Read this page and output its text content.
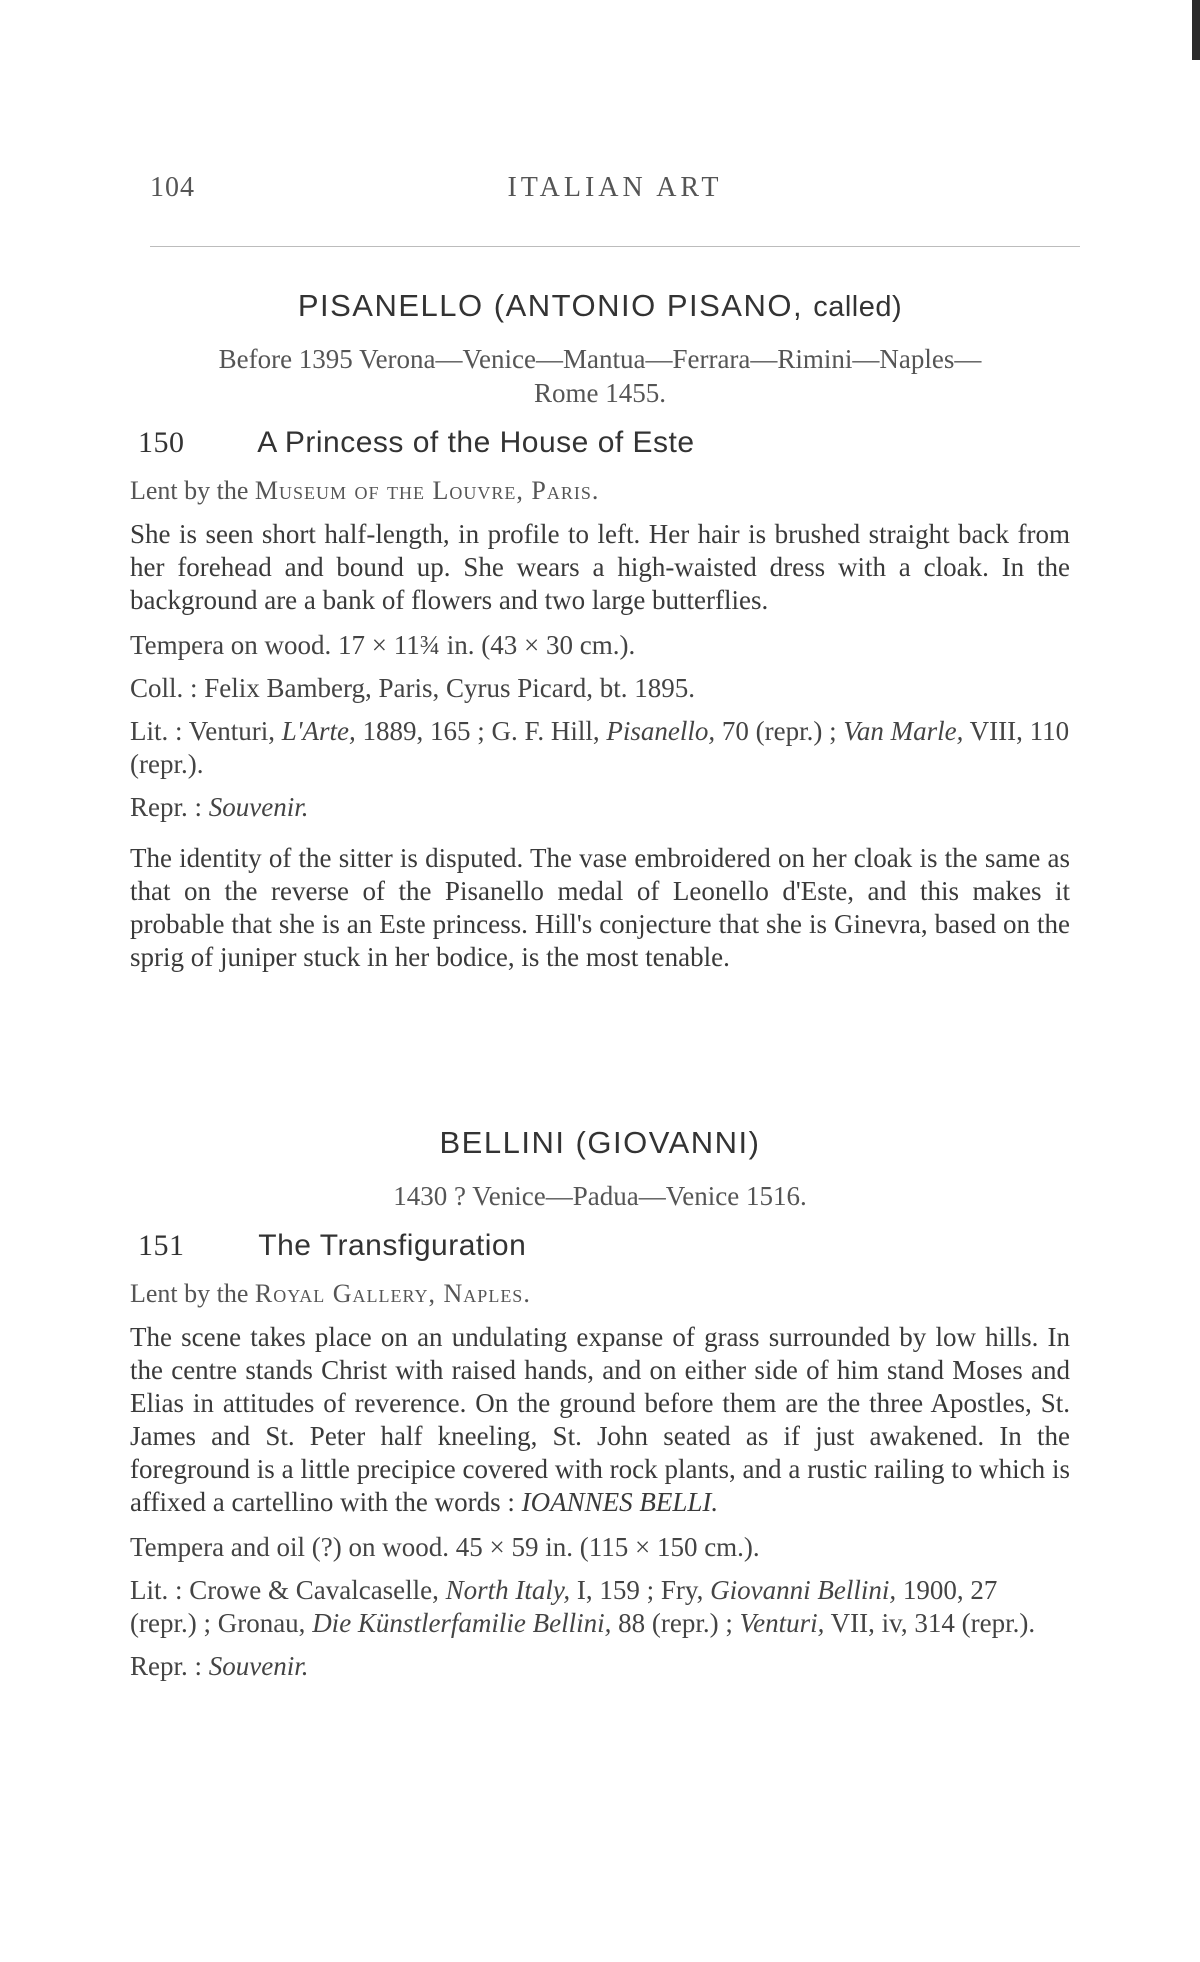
104	ITALIAN ART
PISANELLO (ANTONIO PISANO, called)
Before 1395 Verona—Venice—Mantua—Ferrara—Rimini—Naples—Rome 1455.
150 A Princess of the House of Este
Lent by the Museum of the Louvre, Paris.

She is seen short half-length, in profile to left. Her hair is brushed straight back from her forehead and bound up. She wears a high-waisted dress with a cloak. In the background are a bank of flowers and two large butterflies.

Tempera on wood. 17 × 11¾ in. (43 × 30 cm.).
Coll. : Felix Bamberg, Paris, Cyrus Picard, bt. 1895.
Lit. : Venturi, L'Arte, 1889, 165 ; G. F. Hill, Pisanello, 70 (repr.) ; Van Marle, VIII, 110 (repr.).
Repr. : Souvenir.

The identity of the sitter is disputed. The vase embroidered on her cloak is the same as that on the reverse of the Pisanello medal of Leonello d'Este, and this makes it probable that she is an Este princess. Hill's conjecture that she is Ginevra, based on the sprig of juniper stuck in her bodice, is the most tenable.

BELLINI (GIOVANNI)
1430 ? Venice—Padua—Venice 1516.
151 The Transfiguration
Lent by the Royal Gallery, Naples.

The scene takes place on an undulating expanse of grass surrounded by low hills. In the centre stands Christ with raised hands, and on either side of him stand Moses and Elias in attitudes of reverence. On the ground before them are the three Apostles, St. James and St. Peter half kneeling, St. John seated as if just awakened. In the foreground is a little precipice covered with rock plants, and a rustic railing to which is affixed a cartellino with the words : IOANNES BELLI.

Tempera and oil (?) on wood. 45 × 59 in. (115 × 150 cm.).
Lit. : Crowe & Cavalcaselle, North Italy, I, 159 ; Fry, Giovanni Bellini, 1900, 27 (repr.) ; Gronau, Die Künstlerfamilie Bellini, 88 (repr.) ; Venturi, VII, iv, 314 (repr.).
Repr. : Souvenir.
